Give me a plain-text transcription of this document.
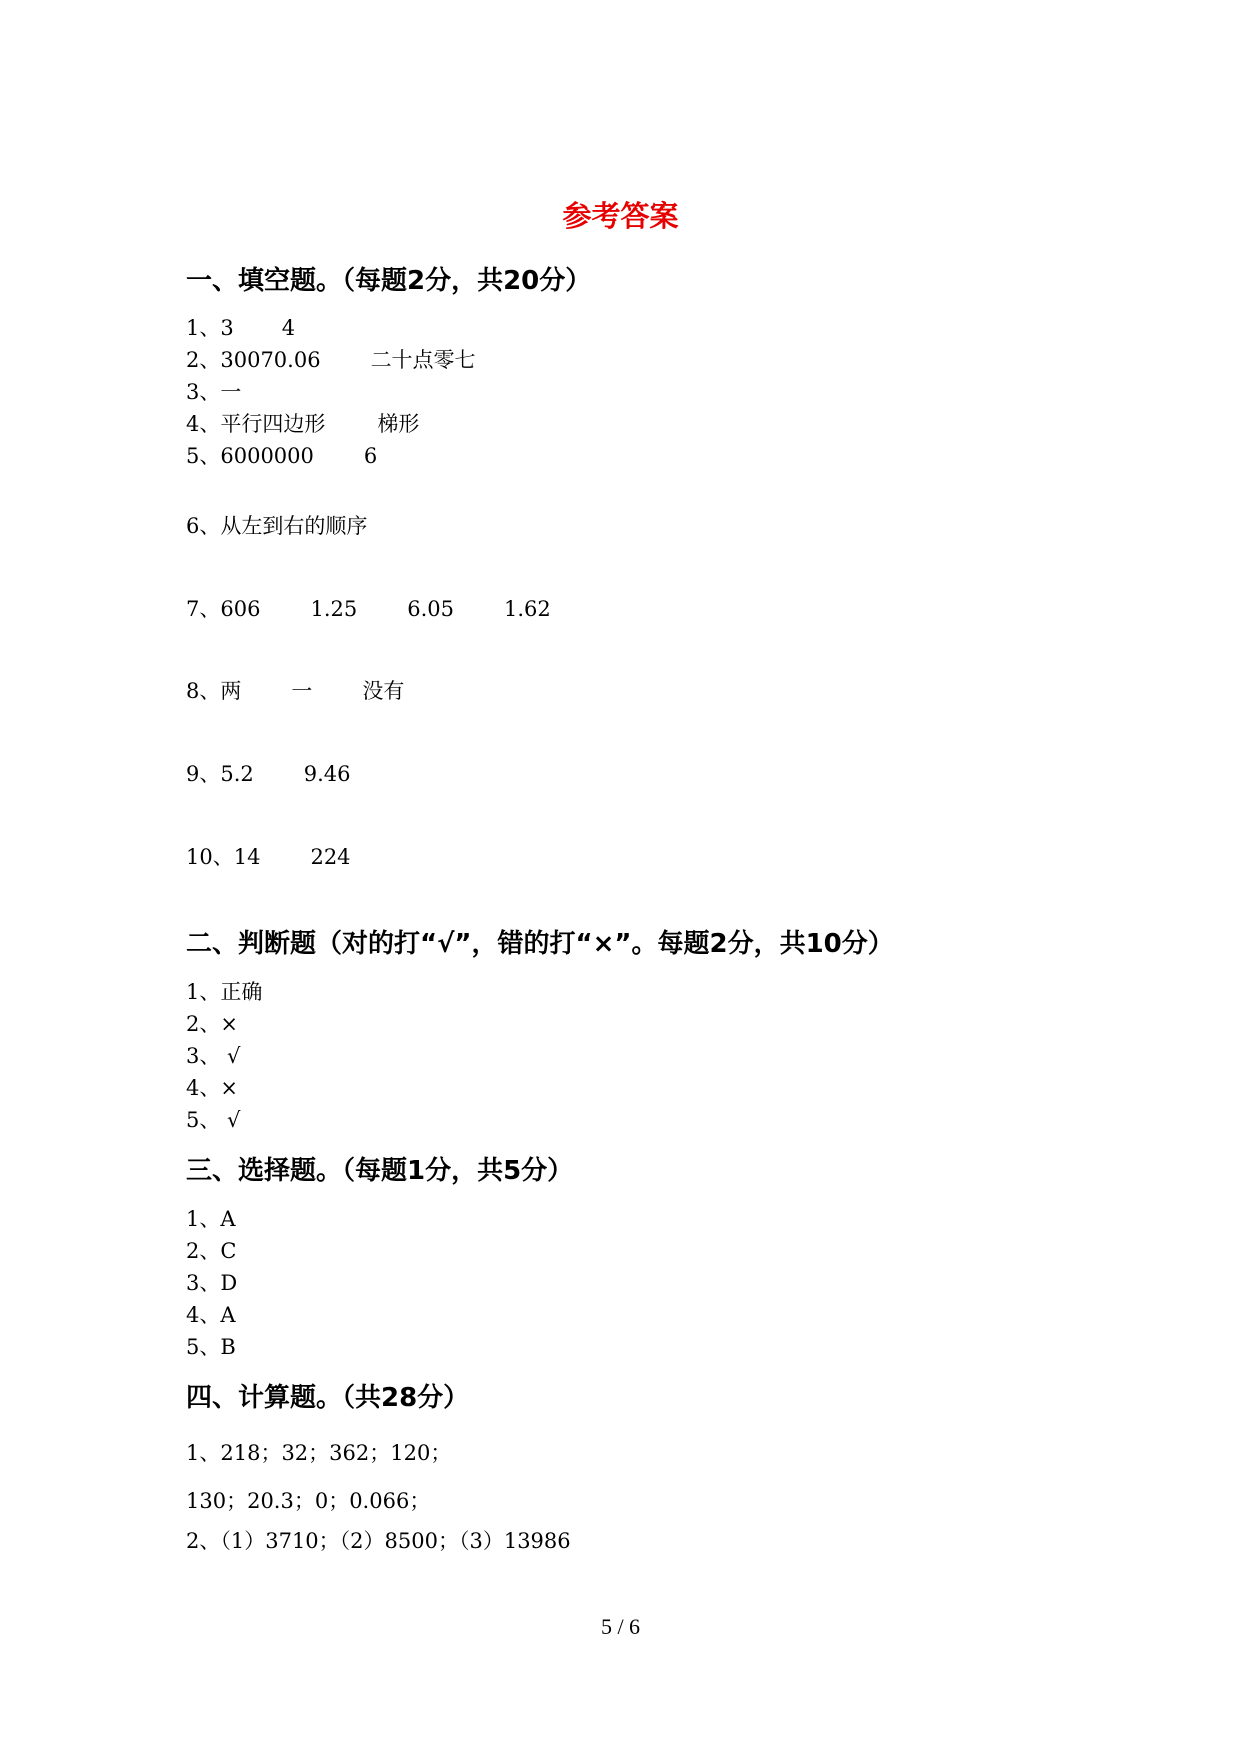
参考答案
一、填空题。（每题2分，共20分）
1、3 4
2、30070.06 二十点零七
3、一
4、平行四边形 梯形
5、6000000 6
6、从左到右的顺序
7、606 1.25 6.05 1.62
8、两 一 没有
9、5.2 9.46
10、14 224
二、判断题（对的打“√”，错的打“×”。每题2分，共10分）
1、正确
2、×
3、 √
4、×
5、 √
三、选择题。（每题1分，共5分）
1、A
2、C
3、D
4、A
5、B
四、计算题。（共28分）
1、218；32；362；120；
130；20.3；0；0.066；
2、（1）3710；（2）8500；（3）13986
5 / 6
